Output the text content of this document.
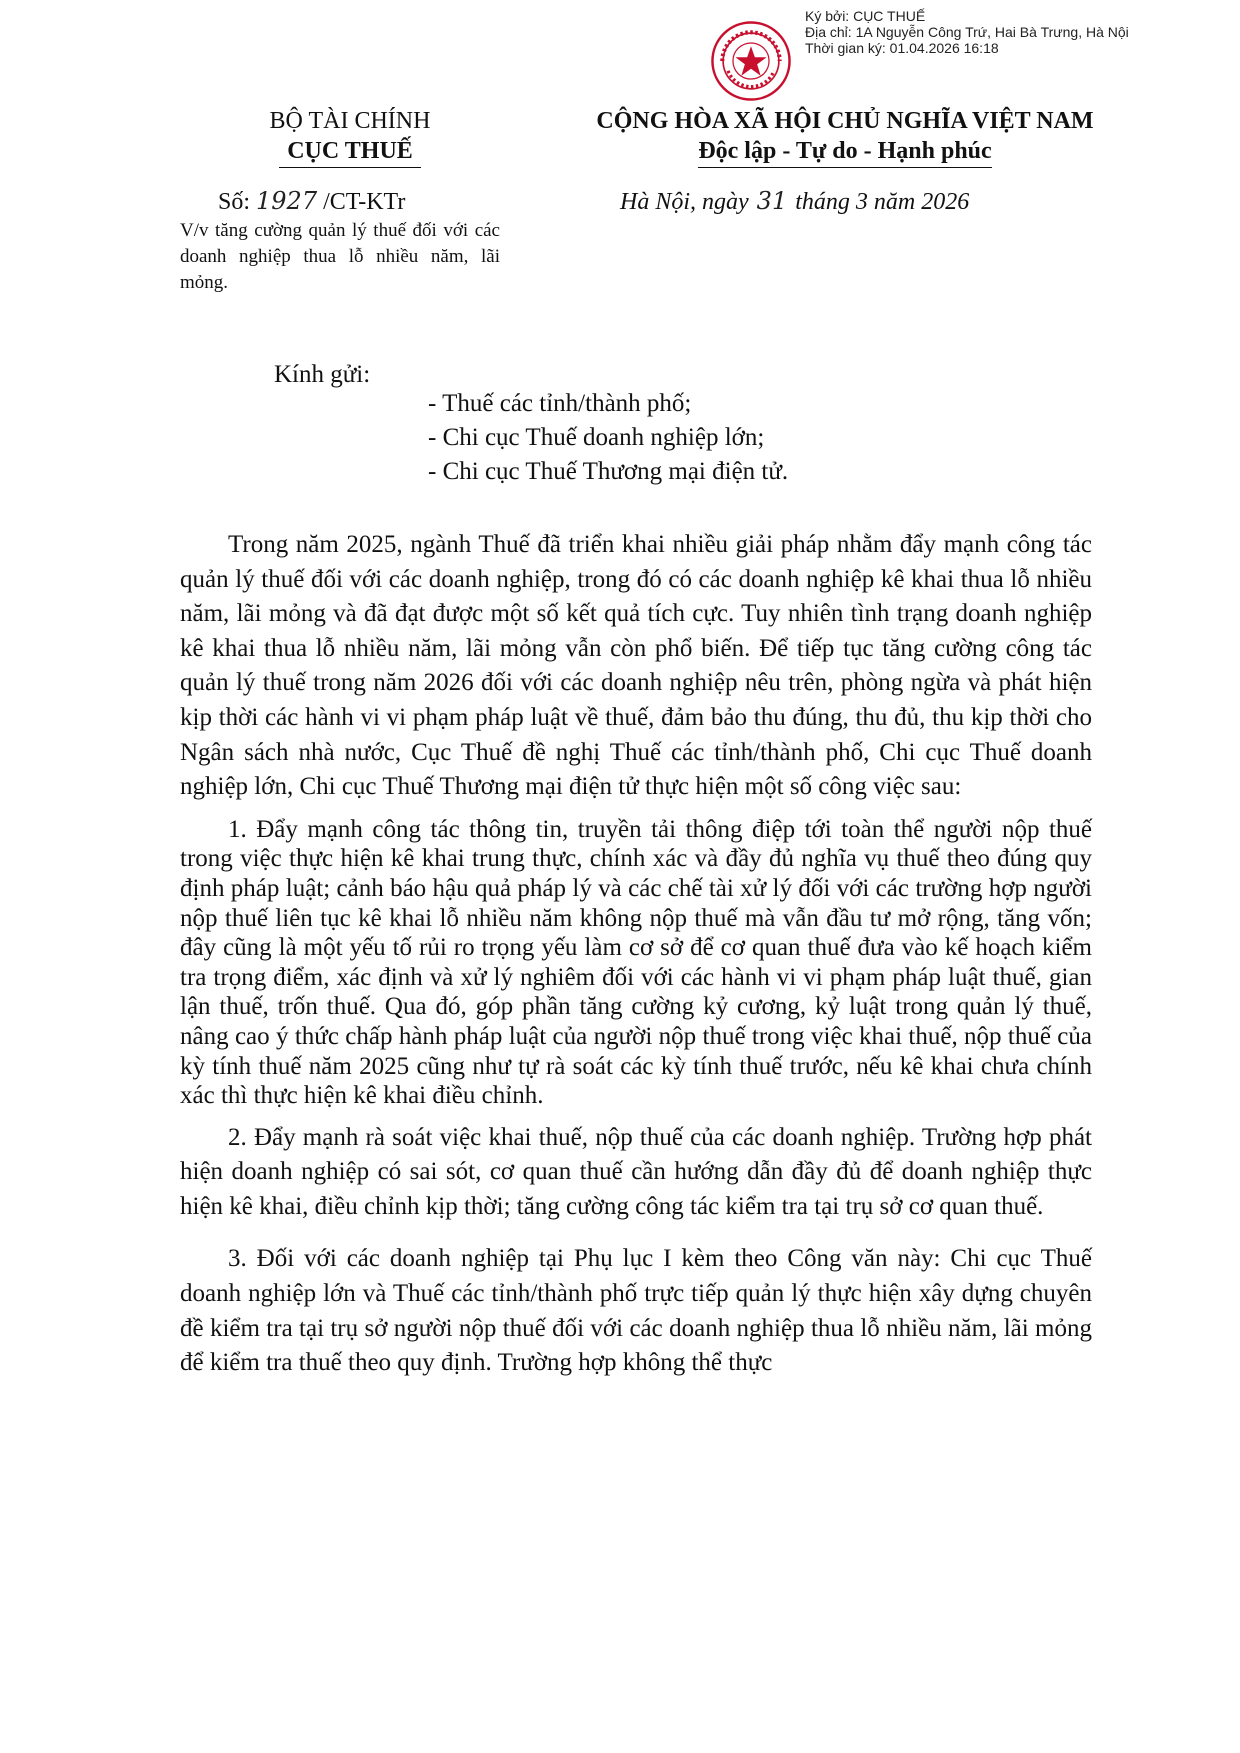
Ký bởi: CỤC THUẾ
Địa chỉ: 1A Nguyễn Công Trứ, Hai Bà Trưng, Hà Nội
Thời gian ký: 01.04.2026 16:18
BỘ TÀI CHÍNH
CỤC THUẾ
CỘNG HÒA XÃ HỘI CHỦ NGHĨA VIỆT NAM
Độc lập - Tự do - Hạnh phúc
Số: 1927 /CT-KTr
V/v tăng cường quản lý thuế đối với các doanh nghiệp thua lỗ nhiều năm, lãi mỏng.
Hà Nội, ngày 31 tháng 3 năm 2026
Kính gửi:
- Thuế các tỉnh/thành phố;
- Chi cục Thuế doanh nghiệp lớn;
- Chi cục Thuế Thương mại điện tử.

Trong năm 2025, ngành Thuế đã triển khai nhiều giải pháp nhằm đẩy mạnh công tác quản lý thuế đối với các doanh nghiệp, trong đó có các doanh nghiệp kê khai thua lỗ nhiều năm, lãi mỏng và đã đạt được một số kết quả tích cực. Tuy nhiên tình trạng doanh nghiệp kê khai thua lỗ nhiều năm, lãi mỏng vẫn còn phổ biến. Để tiếp tục tăng cường công tác quản lý thuế trong năm 2026 đối với các doanh nghiệp nêu trên, phòng ngừa và phát hiện kịp thời các hành vi vi phạm pháp luật về thuế, đảm bảo thu đúng, thu đủ, thu kịp thời cho Ngân sách nhà nước, Cục Thuế đề nghị Thuế các tỉnh/thành phố, Chi cục Thuế doanh nghiệp lớn, Chi cục Thuế Thương mại điện tử thực hiện một số công việc sau:

1. Đẩy mạnh công tác thông tin, truyền tải thông điệp tới toàn thể người nộp thuế trong việc thực hiện kê khai trung thực, chính xác và đầy đủ nghĩa vụ thuế theo đúng quy định pháp luật; cảnh báo hậu quả pháp lý và các chế tài xử lý đối với các trường hợp người nộp thuế liên tục kê khai lỗ nhiều năm không nộp thuế mà vẫn đầu tư mở rộng, tăng vốn; đây cũng là một yếu tố rủi ro trọng yếu làm cơ sở để cơ quan thuế đưa vào kế hoạch kiểm tra trọng điểm, xác định và xử lý nghiêm đối với các hành vi vi phạm pháp luật thuế, gian lận thuế, trốn thuế. Qua đó, góp phần tăng cường kỷ cương, kỷ luật trong quản lý thuế, nâng cao ý thức chấp hành pháp luật của người nộp thuế trong việc khai thuế, nộp thuế của kỳ tính thuế năm 2025 cũng như tự rà soát các kỳ tính thuế trước, nếu kê khai chưa chính xác thì thực hiện kê khai điều chỉnh.

2. Đẩy mạnh rà soát việc khai thuế, nộp thuế của các doanh nghiệp. Trường hợp phát hiện doanh nghiệp có sai sót, cơ quan thuế cần hướng dẫn đầy đủ để doanh nghiệp thực hiện kê khai, điều chỉnh kịp thời; tăng cường công tác kiểm tra tại trụ sở cơ quan thuế.

3. Đối với các doanh nghiệp tại Phụ lục I kèm theo Công văn này: Chi cục Thuế doanh nghiệp lớn và Thuế các tỉnh/thành phố trực tiếp quản lý thực hiện xây dựng chuyên đề kiểm tra tại trụ sở người nộp thuế đối với các doanh nghiệp thua lỗ nhiều năm, lãi mỏng để kiểm tra thuế theo quy định. Trường hợp không thể thực
